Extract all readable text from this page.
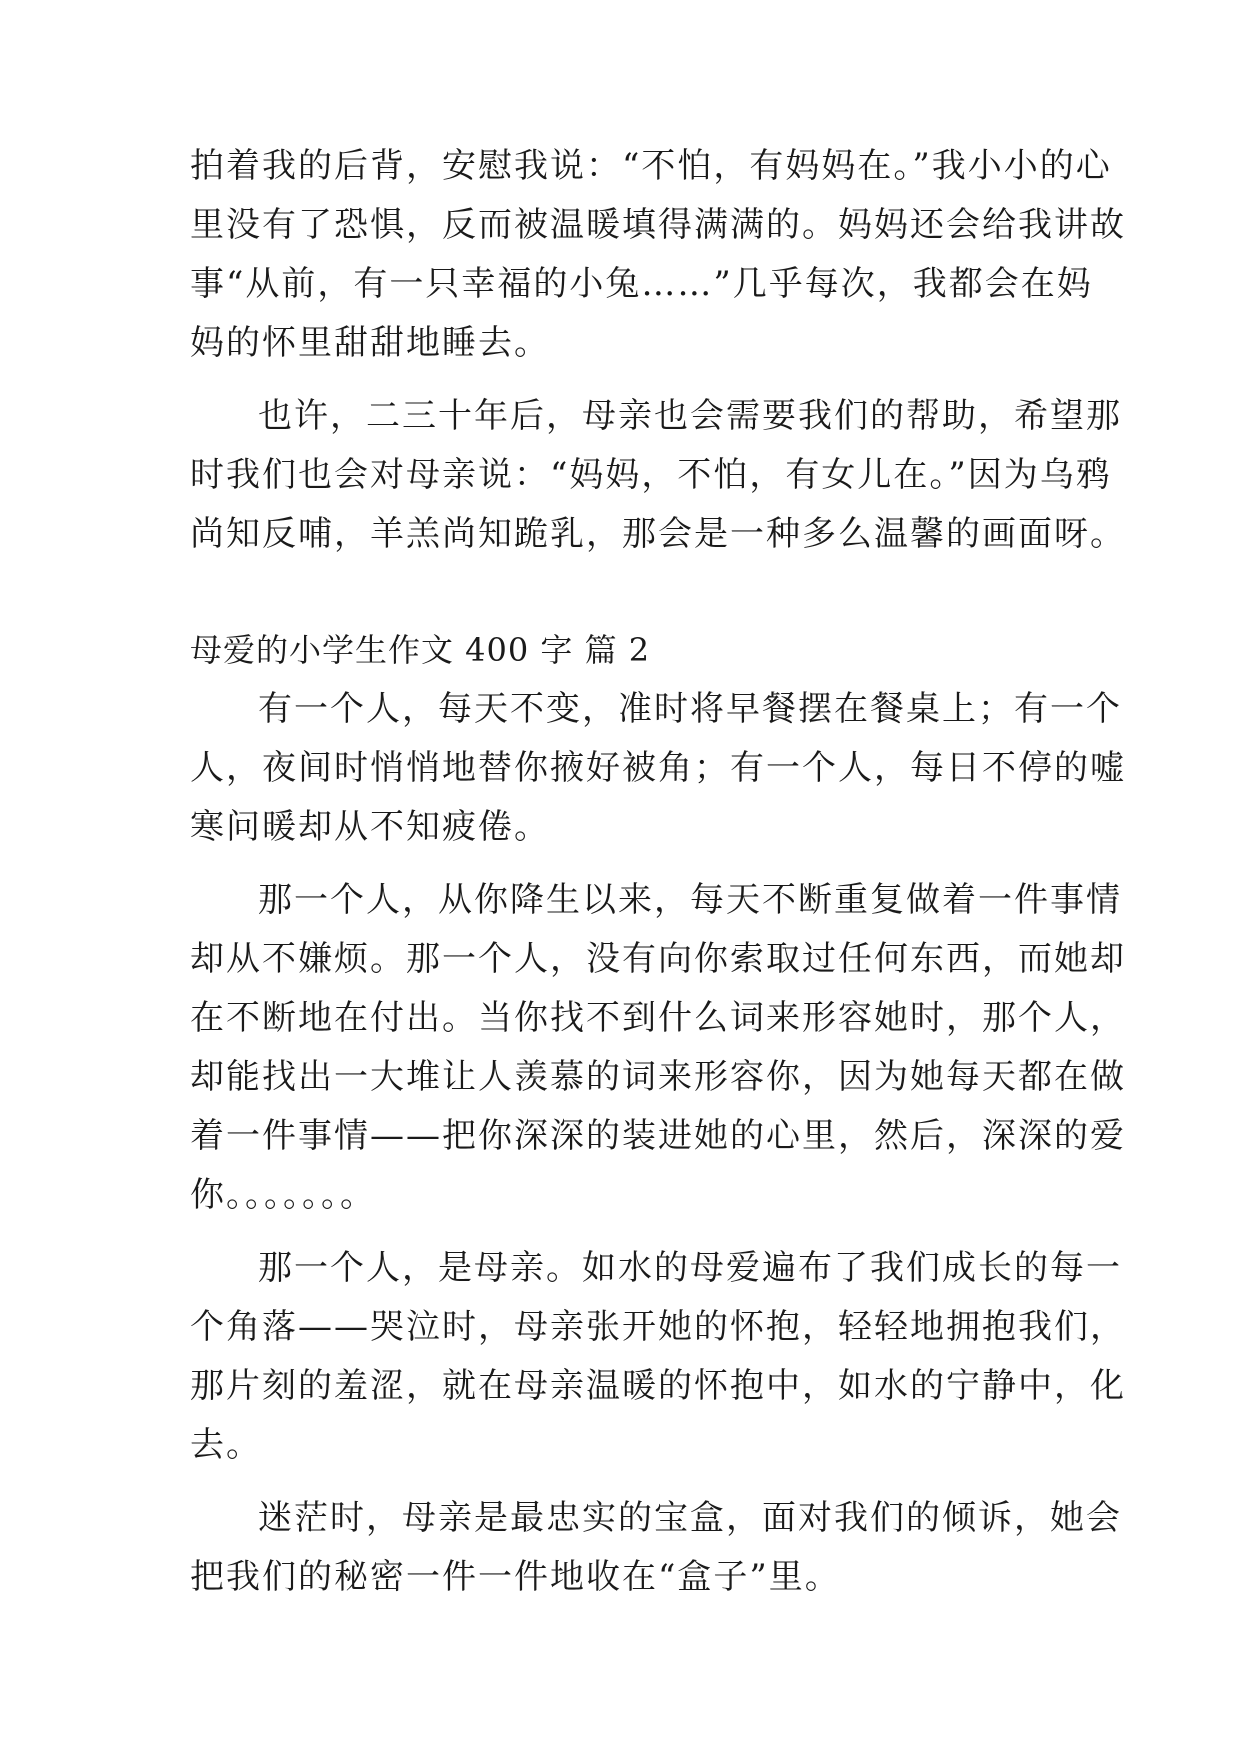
拍着我的后背，安慰我说：“不怕，有妈妈在。”我小小的心
里没有了恐惧，反而被温暖填得满满的。妈妈还会给我讲故
事“从前，有一只幸福的小兔……”几乎每次，我都会在妈
妈的怀里甜甜地睡去。
也许，二三十年后，母亲也会需要我们的帮助，希望那
时我们也会对母亲说：“妈妈，不怕，有女儿在。”因为乌鸦
尚知反哺，羊羔尚知跪乳，那会是一种多么温馨的画面呀。
母爱的小学生作文 400 字 篇 2
有一个人，每天不变，准时将早餐摆在餐桌上；有一个
人，夜间时悄悄地替你掖好被角；有一个人，每日不停的嘘
寒问暖却从不知疲倦。
那一个人，从你降生以来，每天不断重复做着一件事情
却从不嫌烦。那一个人，没有向你索取过任何东西，而她却
在不断地在付出。当你找不到什么词来形容她时，那个人，
却能找出一大堆让人羡慕的词来形容你，因为她每天都在做
着一件事情——把你深深的装进她的心里，然后，深深的爱
你。。。。。。。
那一个人，是母亲。如水的母爱遍布了我们成长的每一
个角落——哭泣时，母亲张开她的怀抱，轻轻地拥抱我们，
那片刻的羞涩，就在母亲温暖的怀抱中，如水的宁静中，化
去。
迷茫时，母亲是最忠实的宝盒，面对我们的倾诉，她会
把我们的秘密一件一件地收在“盒子”里。
